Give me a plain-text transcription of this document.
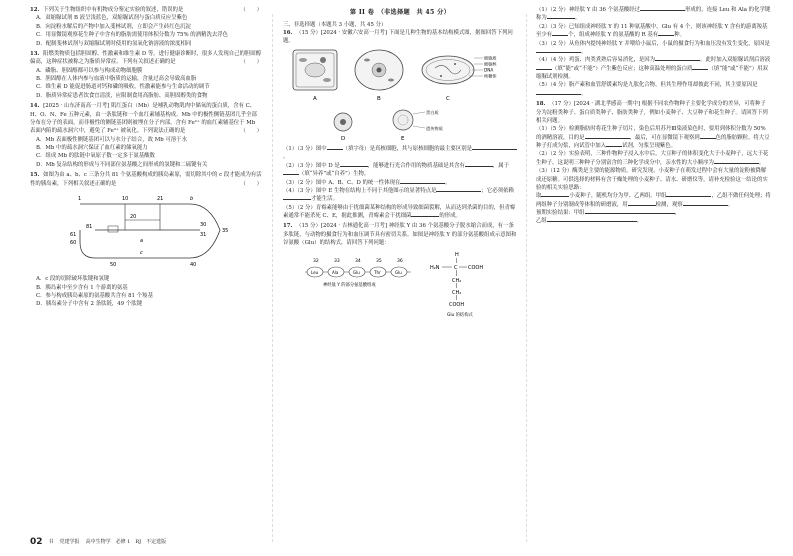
12. 下列关于生物组织中有机物成分鉴定实验的叙述，错误的是	（　　）
A．双缩脲试剂 B 液呈浅蓝色，双缩脲试剂与蛋白质反应呈紫色
B．向淀粉水解后的产物中加入斐林试剂，立即会产生砖红色沉淀
C．用显微镜观察花生种子中含有的脂肪需使用体积分数为 75% 的酒精洗去浮色
D．配制斐林试剂与双缩脲试剂时使用的氢氧化钠溶液的浓度相同
13. 阳燃类物质包括胆固醇、性激素和维生素 D 等。进行健康诊断时，很多人发现自己的胆固醇偏高，这种症状被称之为脂质异常症。下列有关叙述正确的是	（　　）
A．磷脂、胆固醇都可以参与构成动物细胞膜
B．胆固醇在人体内参与血液中脂质的运输，含量过高会导致高血脂
C．维生素 D 能促进肠道对钙和磷的吸收，性激素能参与生命活动的调节
D．脂质异常症患者饮食宜清淡，应限制食用高脂肪、高胆固醇类的食物
14. [2025 · 山东济南高一月考] 肌红蛋白（Mb）是哺乳动物肌肉中储氧的蛋白质，含有 C、H、O、N、Fe 五种元素，由一条肽链和一个血红素辅基构成。Mb 中的极性侧链基团几乎全部分布在分子的表面，而非极性的侧链基团则被埋在分子内部。含有 Fe²⁺ 的血红素辅基位于 Mb 表面内陷的疏水洞穴中，避免了 Fe²⁺ 被氧化。下列说法正确的是	（　　）
A．Mb 表面极性侧链基团可以与水分子结合，故 Mb 可溶于水
B．Mb 中的疏水洞穴保证了血红素的储氧能力
C．组成 Mb 的肽链中氧原子数一定多于氨基酸数
D．Mb 复杂结构的形成与不同部位氨基酸之间形成的氢键和二硫键有关
15. 如图为由 a、b、c 三条分共 81 个氨基酸构成的胰岛素原，需切除其中的 c 段才能成为有活性的胰岛素，下列相关叙述正确的是	（　　）
1	10	21	b
20
30
31
35
81
61
60	a
c
50	40
A．c 段的切除破坏肽键和氢键
B．胰岛素中至少含有 1 个游离的氨基
C．参与构成胰岛素原的氨基酸共含有 81 个羧基
D．胰岛素分子中含有 2 条肽链，49 个肽键
第 II 卷　（非选择题　共 45 分）
三、非选择题（本题共 3 小题，共 45 分）
16. （15 分）[2024 · 安徽六安高一月考] 下面是几种生物的基本结构模式图，据图回答下列问题。
A	B
细胞质
细胞核
DNA
核糖体
C
D
蛋白质
遗传物质
E
（1）（3 分）图中	（填字母）是真核细胞，其与原核细胞的最主要区别是。
（2）（3 分）图中 D 是	，能够进行光合作用的物质基础是其含有	，属于（填“异养”或“自养”）生物。
（3）（2 分）图中 A、B、C、D 的统一性体现在	。
（4）（3 分）图中 E 生物在结构上不同于其他图示的显著特点是	；它必须依赖才能生活。
（5）（2 分）育霉素能够由于扰细菌某种结构的形成导致细菌裂解，从而达到杀菌的目的，但青霉素通常不能杀死 C、E，据此推测，青霉素会干扰细菌	的形成。
17. （15 分）[2024 · 吉林通化高一月考] 神经肽 Y 由 36 个氨基酸分子脱水缩合而成，有一条多肽链，与动物的摄食行为和血压调节具有密切关系。如图是神经肽 Y 的部分氨基酸组成示意图和谷氨酸（Glu）的结构式，请回答下列问题：
32	33	34	35	36
Leu	Ala	Glu	Thr	Glu
神经肽 Y 的部分氨基酸组成
H
H₂N	C COOH
CH₂
CH₂
COOH
Glu 的结构式
（1）（2 分）神经肽 Y 由 36 个氨基酸经过	形成的，连接 Leu 和 Ala 的化学键称为	。
（2）（3 分）已知组成神经肽 Y 的 11 种氨基酸中，Glu 有 4 个，则该神经肽 Y 含有的游离羧基至少有	个，组成神经肽 Y 的氨基酸的 R 基有	种。
（3）（2 分）从鱼体内提纯神经肽 Y 并喂给小鼠后，小鼠的摄食行为和血压没有发生变化，原因是。
（4）（4 分）鸡蛋、肉类煮熟后容易消化，是因为	。此时加入双缩脲试剂后溶液（填“能”或“不能”）产生紫色反应；这种高温处理的蛋白质	（填“能”或“不能”）用双缩脲试剂检测。
（5）（4 分）脂产素和血管舒缓素均是九肽化合物，但其生理作用却彼此不同，其主要原因是。
18. （17 分）[2024 · 湖北孝感高一期中] 根据不同农作物种子主要化学成分的差异，可将种子分为淀粉类种子、蛋白质类种子、脂肪类种子，例如小麦种子、大豆种子和花生种子。请回答下列相关问题。
（1）（5 分）检测脂肪时将花生种子切片，染色后用苏丹Ⅲ染液染色时，要用到体积分数为 50% 的酒精溶液，目的是	，最后，可在显微镜下观察到	色的脂肪颗粒。将大豆种子打成匀浆，向试管中加入	试剂，匀浆呈现紫色。
（2）（2 分）实验表明，三种作物种子浸入水中后，大豆种子的体积变化大于小麦种子，远大于花生种子，这说明三种种子分别富含的三种化学成分中，亲水性的大小顺序为	。
（3）（12 分）酶类是主要的能源物质。研究发现，小麦种子在萌发过程中会有大量的淀粉被降解成还原糖。可供选择的材料有含干燥处理的小麦种子、清水、研磨仪等，请补充检验这一结论的实验的相关实验思路：
取	小麦种子，随机均分为甲、乙两组。甲组	，乙组不做任何处理；将两组种子分别制成等体积的研磨液，用	检测，观察	。
预期实验结果：甲组	，
乙组	。
02 书 党建学报 高中生物学　必修 1　RJ　不定选版
